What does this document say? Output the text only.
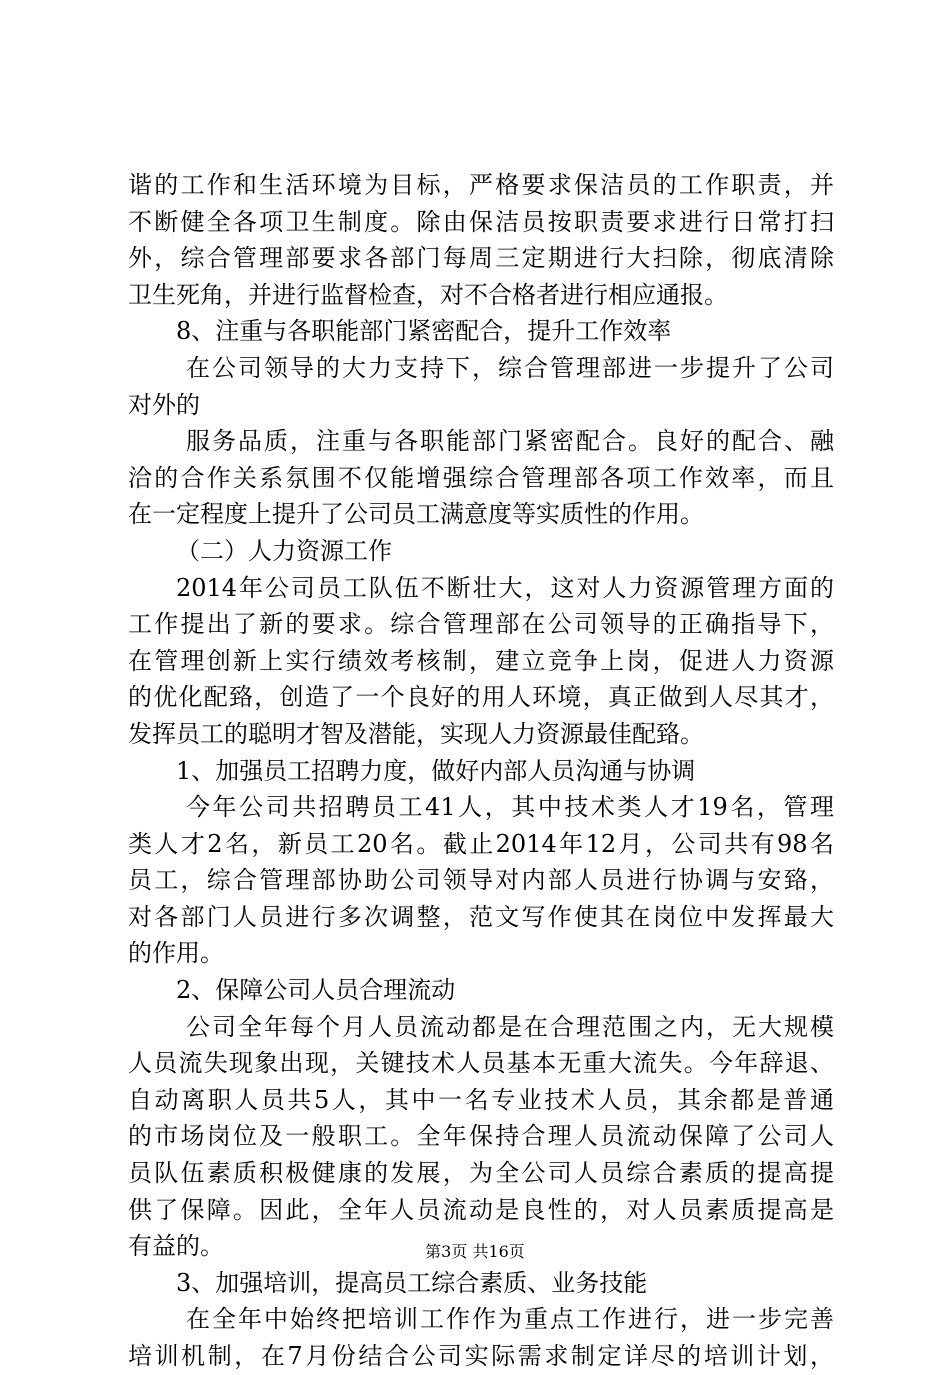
谐的工作和生活环境为目标，严格要求保洁员的工作职责，并
不断健全各项卫生制度。除由保洁员按职责要求进行日常打扫
外，综合管理部要求各部门每周三定期进行大扫除，彻底清除
卫生死角，并进行监督检查，对不合格者进行相应通报。
8、注重与各职能部门紧密配合，提升工作效率
在公司领导的大力支持下，综合管理部进一步提升了公司
对外的
服务品质，注重与各职能部门紧密配合。良好的配合、融
洽的合作关系氛围不仅能增强综合管理部各项工作效率，而且
在一定程度上提升了公司员工满意度等实质性的作用。
（二）人力资源工作
2014年公司员工队伍不断壮大，这对人力资源管理方面的
工作提出了新的要求。综合管理部在公司领导的正确指导下，
在管理创新上实行绩效考核制，建立竞争上岗，促进人力资源
的优化配臵，创造了一个良好的用人环境，真正做到人尽其才，
发挥员工的聪明才智及潜能，实现人力资源最佳配臵。
1、加强员工招聘力度，做好内部人员沟通与协调
今年公司共招聘员工41人，其中技术类人才19名，管理
类人才2名，新员工20名。截止2014年12月，公司共有98名
员工，综合管理部协助公司领导对内部人员进行协调与安臵，
对各部门人员进行多次调整，范文写作使其在岗位中发挥最大
的作用。
2、保障公司人员合理流动
公司全年每个月人员流动都是在合理范围之内，无大规模
人员流失现象出现，关键技术人员基本无重大流失。今年辞退、
自动离职人员共5人，其中一名专业技术人员，其余都是普通
的市场岗位及一般职工。全年保持合理人员流动保障了公司人
员队伍素质积极健康的发展，为全公司人员综合素质的提高提
供了保障。因此，全年人员流动是良性的，对人员素质提高是
有益的。
3、加强培训，提高员工综合素质、业务技能
在全年中始终把培训工作作为重点工作进行，进一步完善
培训机制，在7月份结合公司实际需求制定详尽的培训计划，
第3页 共16页
